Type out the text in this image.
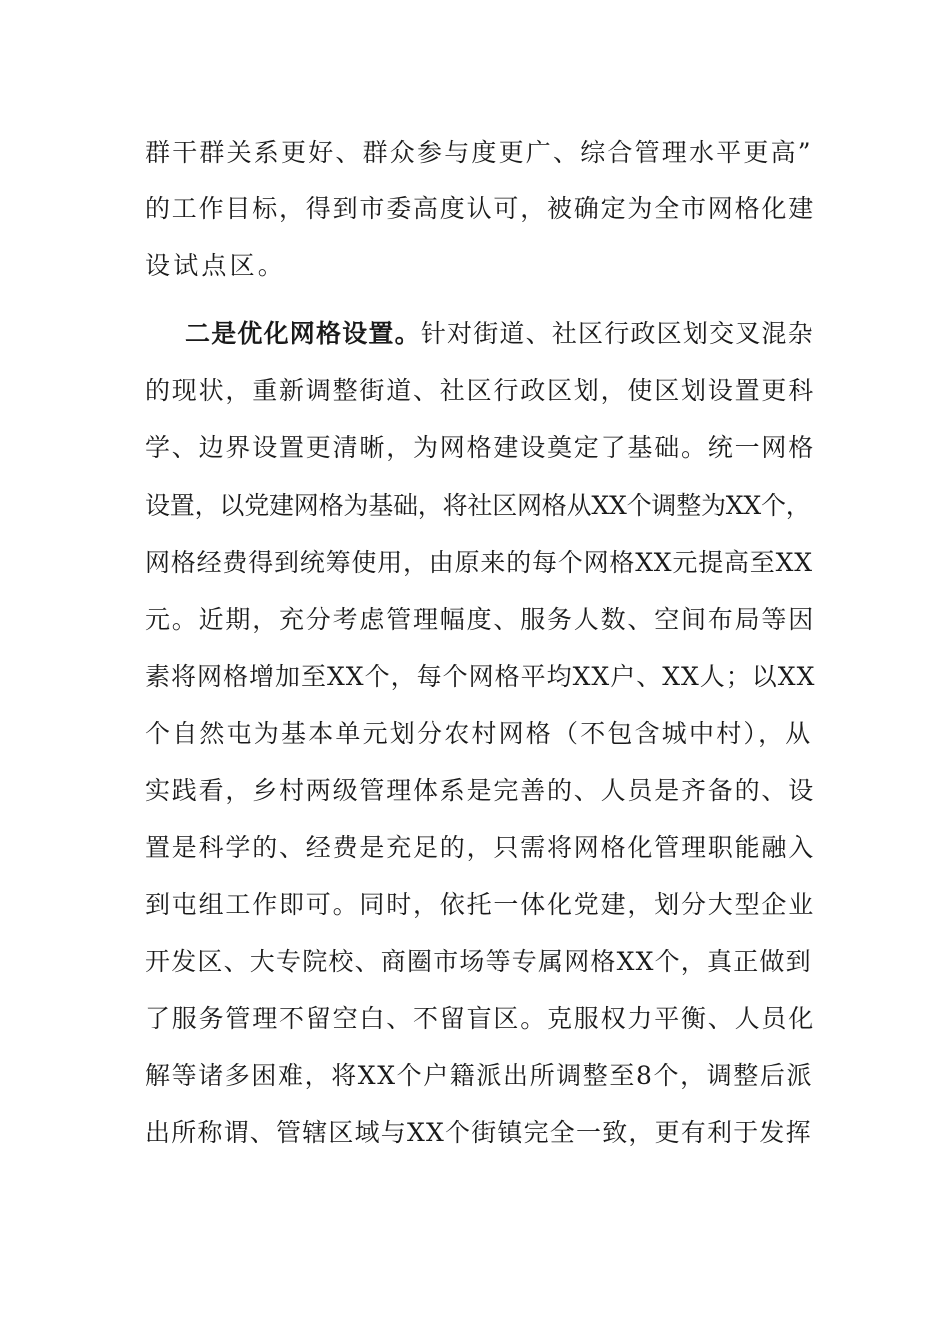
群干群关系更好、群众参与度更广、综合管理水平更高”
的工作目标，得到市委高度认可，被确定为全市网格化建
设试点区。
二是优化网格设置。针对街道、社区行政区划交叉混杂
的现状，重新调整街道、社区行政区划，使区划设置更科
学、边界设置更清晰，为网格建设奠定了基础。统一网格
设置，以党建网格为基础，将社区网格从XX个调整为XX个，
网格经费得到统筹使用，由原来的每个网格XX元提高至XX
元。近期，充分考虑管理幅度、服务人数、空间布局等因
素将网格增加至XX个，每个网格平均XX户、XX人；以XX
个自然屯为基本单元划分农村网格（不包含城中村），从
实践看，乡村两级管理体系是完善的、人员是齐备的、设
置是科学的、经费是充足的，只需将网格化管理职能融入
到屯组工作即可。同时，依托一体化党建，划分大型企业
开发区、大专院校、商圈市场等专属网格XX个，真正做到
了服务管理不留空白、不留盲区。克服权力平衡、人员化
解等诸多困难，将XX个户籍派出所调整至8个，调整后派
出所称谓、管辖区域与XX个街镇完全一致，更有利于发挥
